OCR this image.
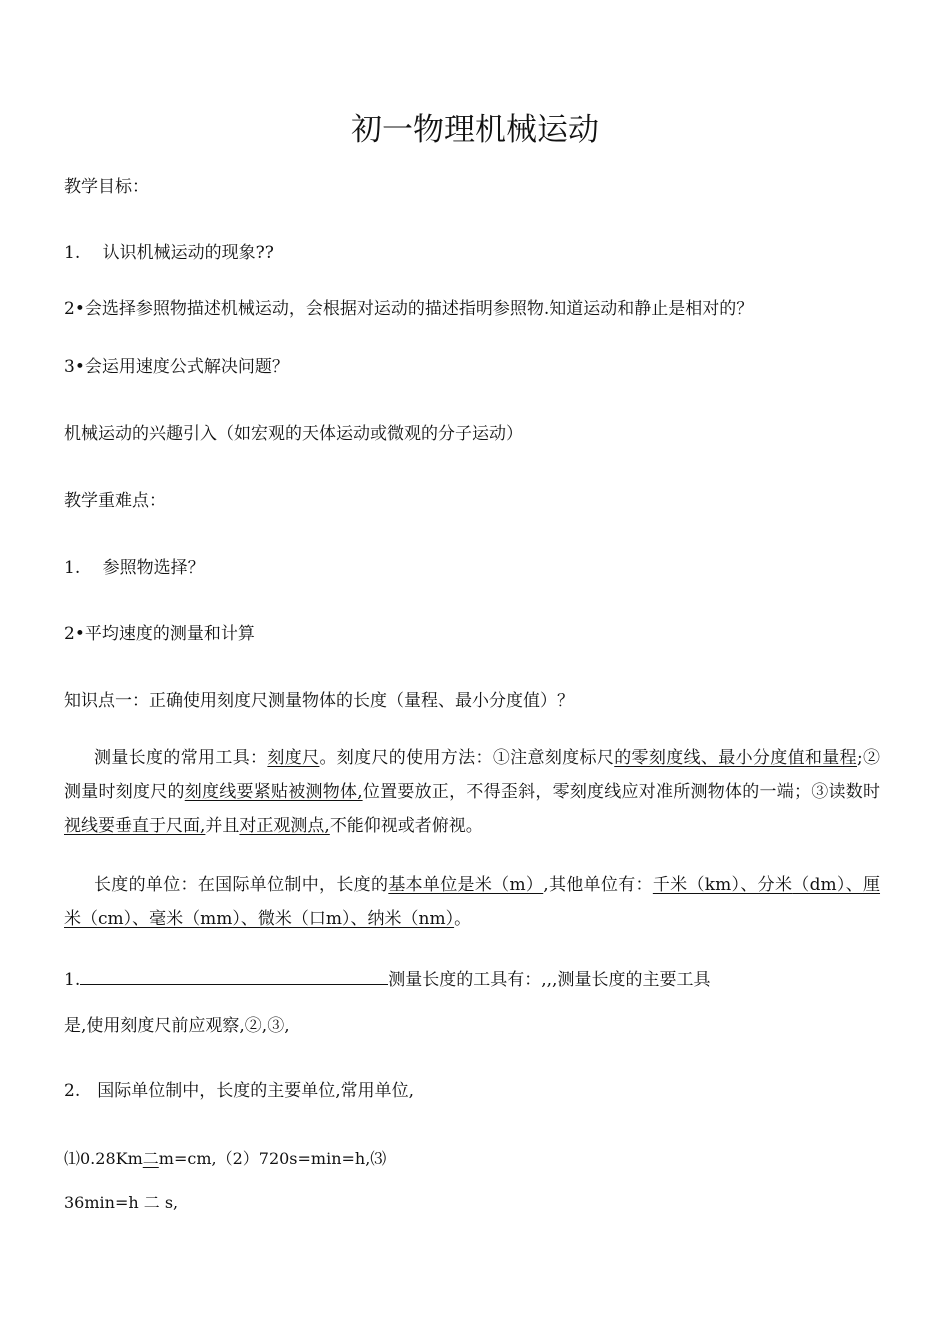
初一物理机械运动
教学目标：
1.　 认识机械运动的现象??
2•会选择参照物描述机械运动，会根据对运动的描述指明参照物.知道运动和静止是相对的？
3•会运用速度公式解决问题？
机械运动的兴趣引入（如宏观的天体运动或微观的分子运动）
教学重难点：
1.　 参照物选择？
2•平均速度的测量和计算
知识点一：正确使用刻度尺测量物体的长度（量程、最小分度值）？
测量长度的常用工具：刻度尺。刻度尺的使用方法：①注意刻度标尺的零刻度线、最小分度值和量程;② 测量时刻度尺的刻度线要紧贴被测物体,位置要放正，不得歪斜，零刻度线应对准所测物体的一端；③读数时视线要垂直于尺面,并且对正观测点,不能仰视或者俯视。
长度的单位：在国际单位制中，长度的基本单位是米（m）,其他单位有：千米（km）、分米（dm）、厘米（cm）、毫米（mm）、微米（口m）、纳米（nm）。
1.	测量长度的工具有：,,,测量长度的主要工具
是,使用刻度尺前应观察,②,③,
2.　国际单位制中，长度的主要单位,常用单位,
⑴0.28Km二m=cm,（2）720s=min=h,⑶
36min=h 二 s,
